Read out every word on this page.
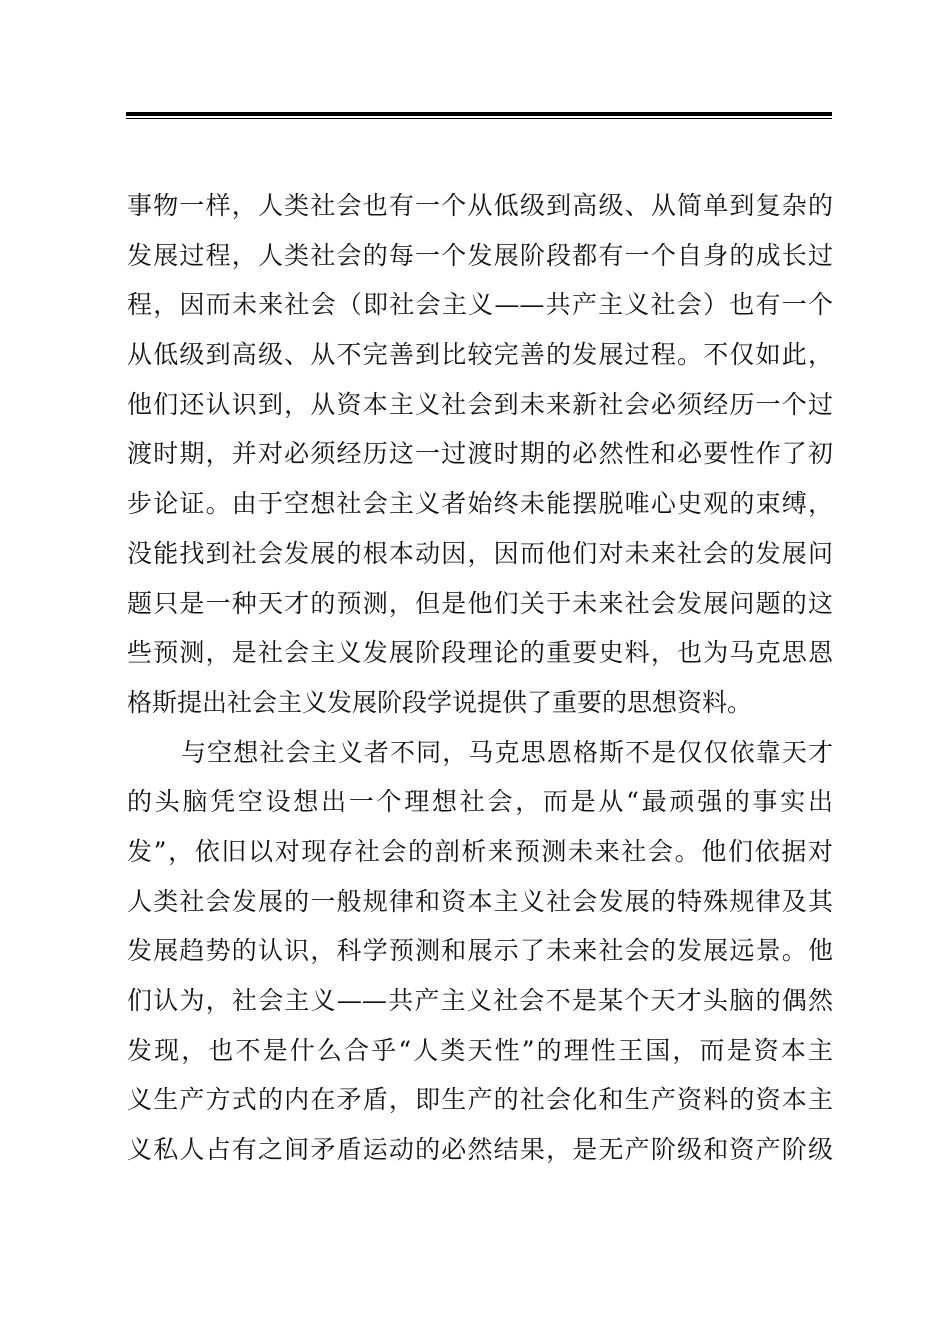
事物一样，人类社会也有一个从低级到高级、从简单到复杂的
发展过程，人类社会的每一个发展阶段都有一个自身的成长过
程，因而未来社会（即社会主义——共产主义社会）也有一个
从低级到高级、从不完善到比较完善的发展过程。不仅如此，
他们还认识到，从资本主义社会到未来新社会必须经历一个过
渡时期，并对必须经历这一过渡时期的必然性和必要性作了初
步论证。由于空想社会主义者始终未能摆脱唯心史观的束缚，
没能找到社会发展的根本动因，因而他们对未来社会的发展问
题只是一种天才的预测，但是他们关于未来社会发展问题的这
些预测，是社会主义发展阶段理论的重要史料，也为马克思恩
格斯提出社会主义发展阶段学说提供了重要的思想资料。
与空想社会主义者不同，马克思恩格斯不是仅仅依靠天才
的头脑凭空设想出一个理想社会，而是从“最顽强的事实出
发”，依旧以对现存社会的剖析来预测未来社会。他们依据对
人类社会发展的一般规律和资本主义社会发展的特殊规律及其
发展趋势的认识，科学预测和展示了未来社会的发展远景。他
们认为，社会主义——共产主义社会不是某个天才头脑的偶然
发现，也不是什么合乎“人类天性”的理性王国，而是资本主
义生产方式的内在矛盾，即生产的社会化和生产资料的资本主
义私人占有之间矛盾运动的必然结果，是无产阶级和资产阶级
